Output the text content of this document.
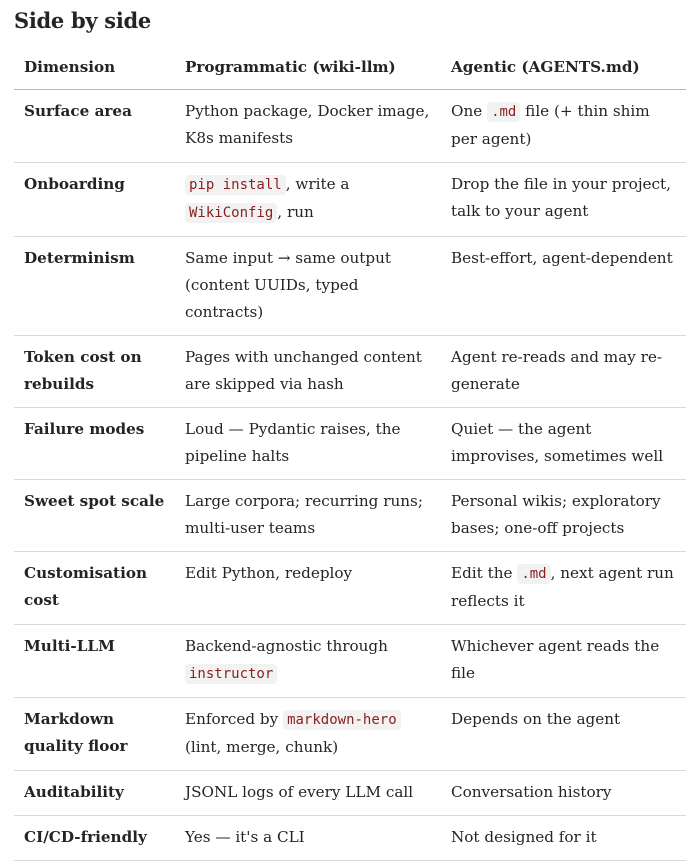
Side by side
Dimension	Programmatic (wiki-llm)	Agentic (AGENTS.md)
Surface area	Python package, Docker image, K8s manifests	One .md file (+ thin shim per agent)
Onboarding	pip install , write a WikiConfig , run	Drop the file in your project, talk to your agent
Determinism	Same input → same output (content UUIDs, typed contracts)	Best-effort, agent-dependent
Token cost on rebuilds	Pages with unchanged content are skipped via hash	Agent re-reads and may re-generate
Failure modes	Loud — Pydantic raises, the pipeline halts	Quiet — the agent improvises, sometimes well
Sweet spot scale	Large corpora; recurring runs; multi-user teams	Personal wikis; exploratory bases; one-off projects
Customisation cost	Edit Python, redeploy	Edit the .md , next agent run reflects it
Multi-LLM	Backend-agnostic through instructor	Whichever agent reads the file
Markdown quality floor	Enforced by markdown-hero (lint, merge, chunk)	Depends on the agent
Auditability	JSONL logs of every LLM call	Conversation history
CI/CD-friendly	Yes — it's a CLI	Not designed for it
